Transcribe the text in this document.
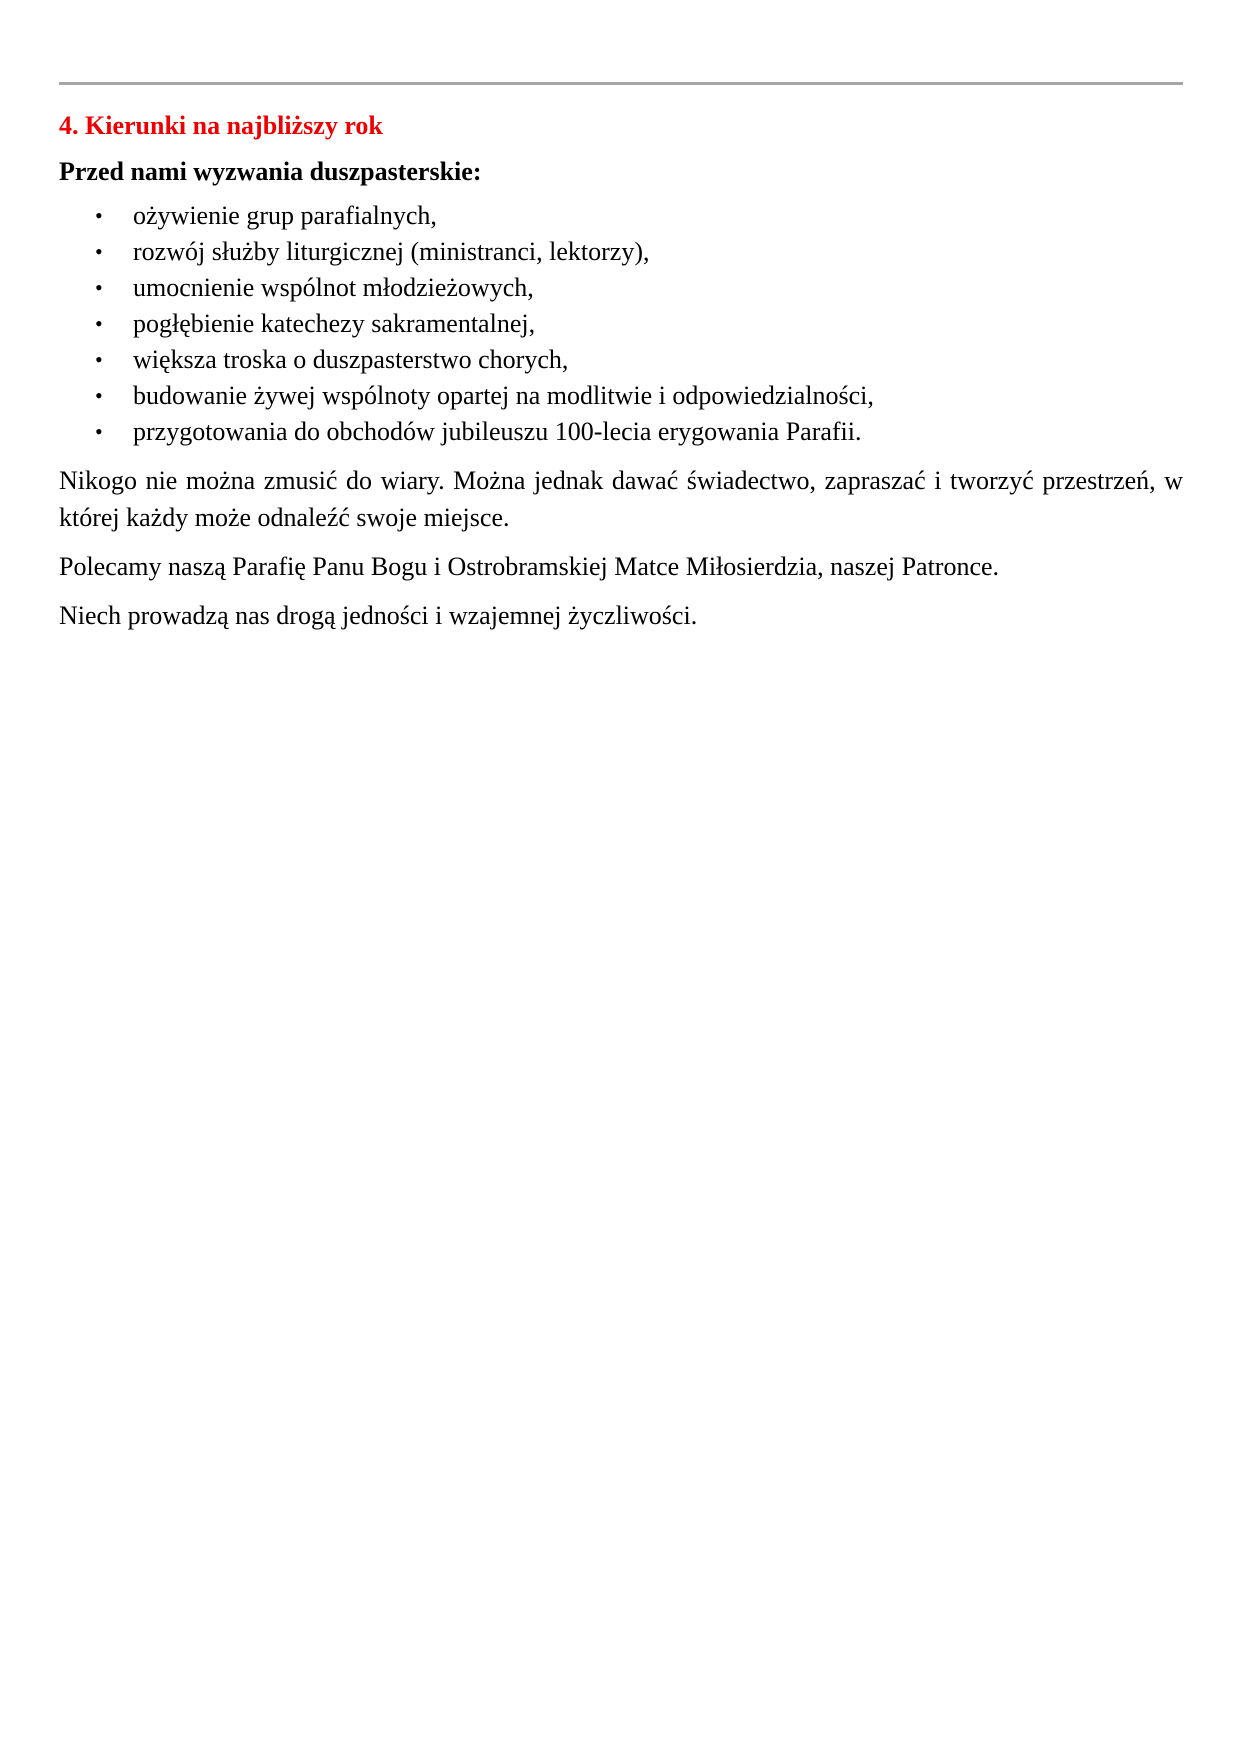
4. Kierunki na najbliższy rok
Przed nami wyzwania duszpasterskie:
• ożywienie grup parafialnych,
• rozwój służby liturgicznej (ministranci, lektorzy),
• umocnienie wspólnot młodzieżowych,
• pogłębienie katechezy sakramentalnej,
• większa troska o duszpasterstwo chorych,
• budowanie żywej wspólnoty opartej na modlitwie i odpowiedzialności,
• przygotowania do obchodów jubileuszu 100-lecia erygowania Parafii.

Nikogo nie można zmusić do wiary. Można jednak dawać świadectwo, zapraszać i tworzyć przestrzeń, w której każdy może odnaleźć swoje miejsce.

Polecamy naszą Parafię Panu Bogu i Ostrobramskiej Matce Miłosierdzia, naszej Patronce.

Niech prowadzą nas drogą jedności i wzajemnej życzliwości.
